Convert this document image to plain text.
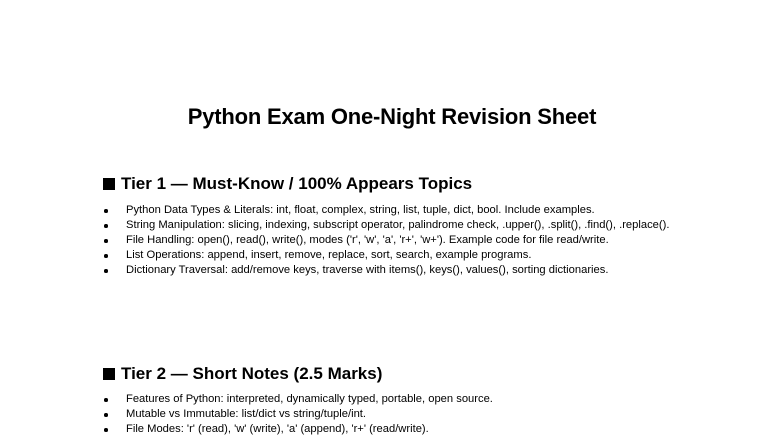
Python Exam One-Night Revision Sheet
Tier 1 — Must-Know / 100% Appears Topics
Python Data Types & Literals: int, float, complex, string, list, tuple, dict, bool. Include examples.
String Manipulation: slicing, indexing, subscript operator, palindrome check, .upper(), .split(), .find(), .replace().
File Handling: open(), read(), write(), modes ('r', 'w', 'a', 'r+', 'w+'). Example code for file read/write.
List Operations: append, insert, remove, replace, sort, search, example programs.
Dictionary Traversal: add/remove keys, traverse with items(), keys(), values(), sorting dictionaries.
Tier 2 — Short Notes (2.5 Marks)
Features of Python: interpreted, dynamically typed, portable, open source.
Mutable vs Immutable: list/dict vs string/tuple/int.
File Modes: 'r' (read), 'w' (write), 'a' (append), 'r+' (read/write).
